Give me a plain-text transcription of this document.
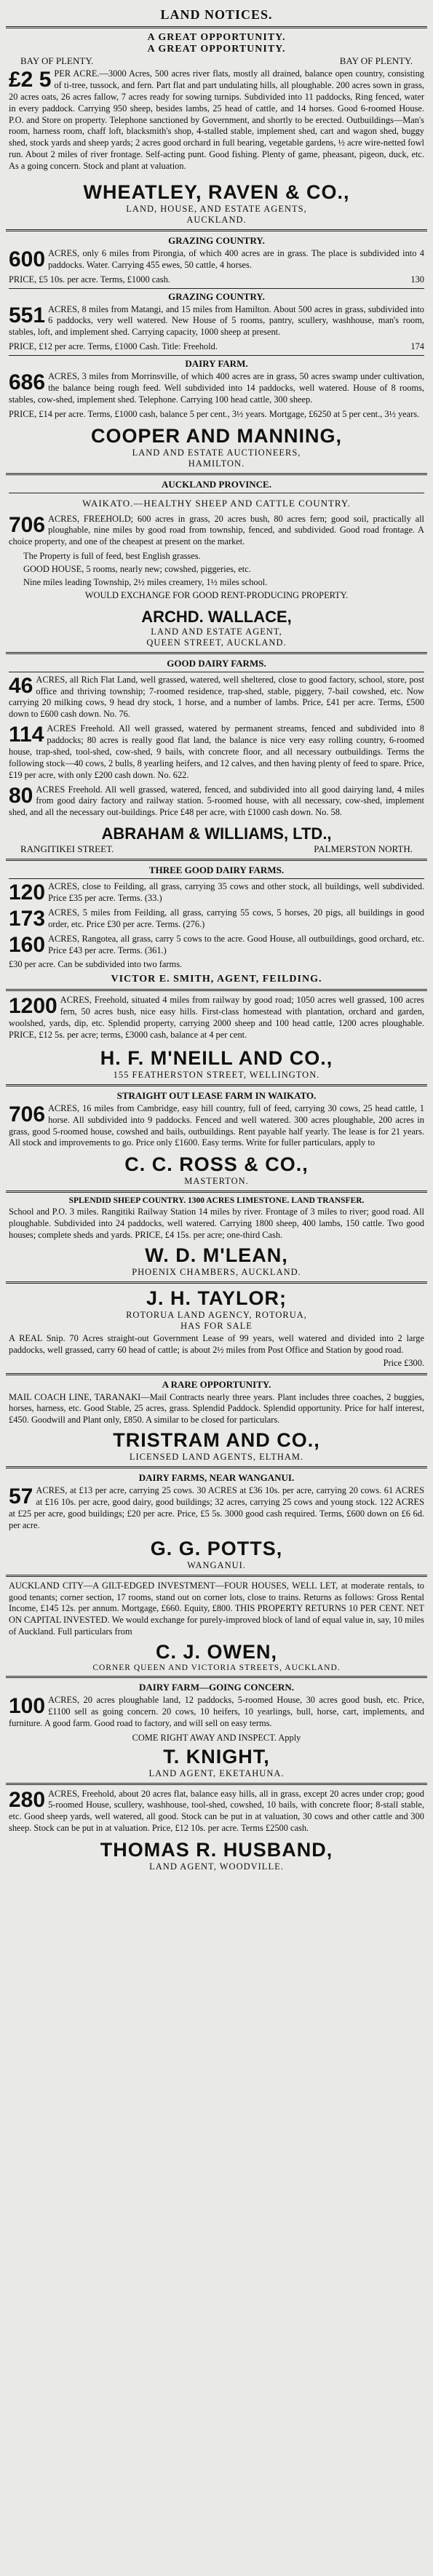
LAND NOTICES.
A GREAT OPPORTUNITY.
A GREAT OPPORTUNITY.
BAY OF PLENTY.	BAY OF PLENTY.
£2 5 PER ACRE.—3000 Acres, 500 acres river flats, mostly all drained, balance open country, consisting of ti-tree, tussock, and fern. Part flat and part undulating hills, all ploughable. 200 acres sown in grass, 20 acres oats, 26 acres fallow, 7 acres ready for sowing turnips. Subdivided into 11 paddocks, Ring fenced, water in every paddock. Carrying 950 sheep, besides lambs, 25 head of cattle, and 14 horses. Good 6-roomed House. P.O. and Store on property. Telephone sanctioned by Government, and shortly to be erected. Outbuildings—Man's room, harness room, chaff loft, blacksmith's shop, 4-stalled stable, implement shed, cart and wagon shed, buggy shed, stock yards and sheep yards; 2 acres good orchard in full bearing, vegetable gardens, ½ acre wire-netted fowl run. About 2 miles of river frontage. Self-acting punt. Good fishing. Plenty of game, pheasant, pigeon, duck, etc. As a going concern. Stock and plant at valuation.
WHEATLEY, RAVEN & CO.,
LAND, HOUSE, AND ESTATE AGENTS,
AUCKLAND.
GRAZING COUNTRY.
600 ACRES, only 6 miles from Pirongia, of which 400 acres are in grass. The place is subdivided into 4 paddocks. Water. Carrying 455 ewes, 50 cattle, 4 horses.
PRICE, £5 10s. per acre. Terms, £1000 cash.	130
GRAZING COUNTRY.
551 ACRES, 8 miles from Matangi, and 15 miles from Hamilton. About 500 acres in grass, subdivided into 6 paddocks, very well watered. New House of 5 rooms, pantry, scullery, washhouse, man's room, stables, loft, and implement shed. Carrying capacity, 1000 sheep at present.
PRICE, £12 per acre. Terms, £1000 Cash. Title: Freehold.	174
DAIRY FARM.
686 ACRES, 3 miles from Morrinsville, of which 400 acres are in grass, 50 acres swamp under cultivation, the balance being rough feed. Well subdivided into 14 paddocks, well watered. House of 8 rooms, stables, cow-shed, implement shed. Telephone. Carrying 100 head cattle, 300 sheep.
PRICE, £14 per acre. Terms, £1000 cash, balance 5 per cent., 3½ years. Mortgage, £6250 at 5 per cent., 3½ years.
COOPER AND MANNING,
LAND AND ESTATE AUCTIONEERS,
HAMILTON.
AUCKLAND PROVINCE.
WAIKATO.—HEALTHY SHEEP AND CATTLE COUNTRY.
706 ACRES, FREEHOLD; 600 acres in grass, 20 acres bush, 80 acres fern; good soil, practically all ploughable, nine miles by good road from township, fenced, and subdivided. Good road frontage. A choice property, and one of the cheapest at present on the market.
The Property is full of feed, best English grasses.
GOOD HOUSE, 5 rooms, nearly new; cowshed, piggeries, etc.
Nine miles leading Township, 2½ miles creamery, 1½ miles school.
WOULD EXCHANGE FOR GOOD RENT-PRODUCING PROPERTY.
ARCHD. WALLACE,
LAND AND ESTATE AGENT,
QUEEN STREET, AUCKLAND.
GOOD DAIRY FARMS.
46 ACRES, all Rich Flat Land, well grassed, watered, well sheltered, close to good factory, school, store, post office and thriving township; 7-roomed residence, trap-shed, stable, piggery, 7-bail cowshed, etc. Now carrying 20 milking cows, 9 head dry stock, 1 horse, and a number of lambs. Price, £41 per acre. Terms, £500 down to £600 cash down. No. 76.
114 ACRES Freehold. All well grassed, watered by permanent streams, fenced and subdivided into 8 paddocks; 80 acres is really good flat land, the balance is nice very easy rolling country, 6-roomed house, trap-shed, tool-shed, cow-shed, 9 bails, with concrete floor, and all necessary outbuildings. Terms the following stock—40 cows, 2 bulls, 8 yearling heifers, and 12 calves, and then having plenty of feed to spare. Price, £19 per acre, with only £200 cash down. No. 622.
80 ACRES Freehold. All well grassed, watered, fenced, and subdivided into all good dairying land, 4 miles from good dairy factory and railway station. 5-roomed house, with all necessary, cow-shed, implement shed, and all the necessary out-buildings. Price £48 per acre, with £1000 cash down. No. 58.
ABRAHAM & WILLIAMS, LTD.,
RANGITIKEI STREET.	PALMERSTON NORTH.
THREE GOOD DAIRY FARMS.
120 ACRES, close to Feilding, all grass, carrying 35 cows and other stock, all buildings, well subdivided. Price £35 per acre. Terms. (33.)
173 ACRES, 5 miles from Feilding, all grass, carrying 55 cows, 5 horses, 20 pigs, all buildings in good order, etc. Price £30 per acre. Terms. (276.)
160 ACRES, Rangotea, all grass, carry 5 cows to the acre. Good House, all outbuildings, good orchard, etc. Price £43 per acre. Terms. (361.)
£30 per acre. Can be subdivided into two farms.
VICTOR E. SMITH, AGENT, FEILDING.
1200 ACRES, Freehold, situated 4 miles from railway by good road; 1050 acres well grassed, 100 acres fern, 50 acres bush, nice easy hills. First-class homestead with plantation, orchard and garden, woolshed, yards, dip, etc. Splendid property, carrying 2000 sheep and 100 head cattle, 1200 acres ploughable. PRICE, £12 5s. per acre; terms, £3000 cash, balance at 4 per cent.
H. F. M'NEILL AND CO.,
155 FEATHERSTON STREET, WELLINGTON.
STRAIGHT OUT LEASE FARM IN WAIKATO.
706 ACRES, 16 miles from Cambridge, easy hill country, full of feed, carrying 30 cows, 25 head cattle, 1 horse. All subdivided into 9 paddocks. Fenced and well watered. 300 acres ploughable, 200 acres in grass, good 5-roomed house, cowshed and bails, outbuildings. Rent payable half yearly. The lease is for 21 years. All stock and improvements to go. Price only £1600. Easy terms. Write for fuller particulars, apply to
C. C. ROSS & CO.,
MASTERTON.
SPLENDID SHEEP COUNTRY. 1300 ACRES LIMESTONE. LAND TRANSFER.
School and P.O. 3 miles. Rangitiki Railway Station 14 miles by river. Frontage of 3 miles to river; good road. All ploughable. Subdivided into 24 paddocks, well watered. Carrying 1800 sheep, 400 lambs, 150 cattle. Two good houses; complete sheds and yards. PRICE, £4 15s. per acre; one-third Cash.
W. D. M'LEAN,
PHOENIX CHAMBERS, AUCKLAND.
J. H. TAYLOR;
ROTORUA LAND AGENCY, ROTORUA,
HAS FOR SALE
A REAL Snip. 70 Acres straight-out Government Lease of 99 years, well watered and divided into 2 large paddocks, well grassed, carry 60 head of cattle; is about 2½ miles from Post Office and Station by good road.
Price £300.
A RARE OPPORTUNITY.
MAIL COACH LINE, TARANAKI—Mail Contracts nearly three years. Plant includes three coaches, 2 buggies, horses, harness, etc. Good Stable, 25 acres, grass. Splendid Paddock. Splendid opportunity. Price for half interest, £450. Goodwill and Plant only, £850. A similar to be closed for particulars.
TRISTRAM AND CO.,
LICENSED LAND AGENTS, ELTHAM.
DAIRY FARMS, NEAR WANGANUI.
57 ACRES, at £13 per acre, carrying 25 cows. 30 ACRES at £36 10s. per acre, carrying 20 cows. 61 ACRES at £16 10s. per acre, good dairy, good buildings; 32 acres, carrying 25 cows and young stock. 122 ACRES at £25 per acre, good buildings; £20 per acre. Price, £5 5s. 3000 good cash required. Terms, £600 down on £6 6d. per acre.
G. G. POTTS,
WANGANUI.
AUCKLAND CITY—A GILT-EDGED INVESTMENT—FOUR HOUSES, WELL LET, at moderate rentals, to good tenants; corner section, 17 rooms, stand out on corner lots, close to trains. Returns as follows: Gross Rental Income, £145 12s. per annum. Mortgage, £660. Equity, £800. THIS PROPERTY RETURNS 10 PER CENT. NET ON CAPITAL INVESTED. We would exchange for purely-improved block of land of equal value in, say, 10 miles of Auckland. Full particulars from
C. J. OWEN,
CORNER QUEEN AND VICTORIA STREETS, AUCKLAND.
DAIRY FARM—GOING CONCERN.
100 ACRES, 20 acres ploughable land, 12 paddocks, 5-roomed House, 30 acres good bush, etc. Price, £1100 sell as going concern. 20 cows, 10 heifers, 10 yearlings, bull, horse, cart, implements, and furniture. A good farm. Good road to factory, and will sell on easy terms.
COME RIGHT AWAY AND INSPECT. Apply
T. KNIGHT,
LAND AGENT, EKETAHUNA.
280 ACRES, Freehold, about 20 acres flat, balance easy hills, all in grass, except 20 acres under crop; good 5-roomed House, scullery, washhouse, tool-shed, cowshed, 10 bails, with concrete floor; 8-stall stable, etc. Good sheep yards, well watered, all good. Stock can be put in at valuation, 30 cows and other cattle and 300 sheep. Stock can be put in at valuation. Price, £12 10s. per acre. Terms £2500 cash.
THOMAS R. HUSBAND,
LAND AGENT, WOODVILLE.
